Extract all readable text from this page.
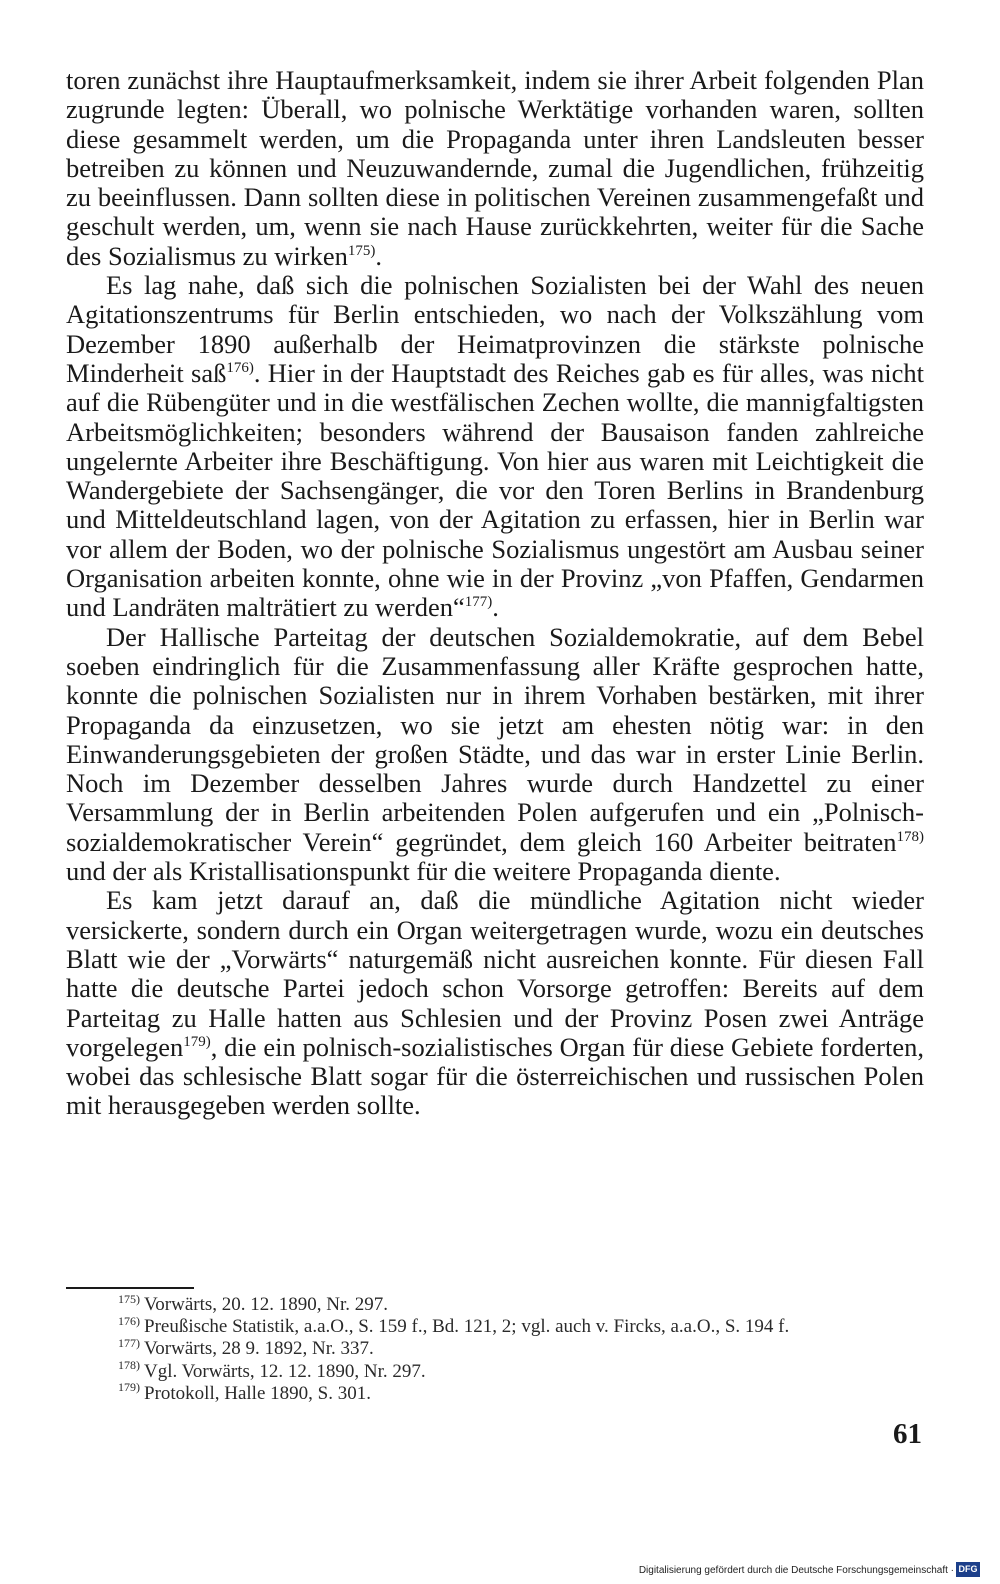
toren zunächst ihre Hauptaufmerksamkeit, indem sie ihrer Arbeit folgenden Plan zugrunde legten: Überall, wo polnische Werktätige vorhanden waren, sollten diese gesammelt werden, um die Propaganda unter ihren Landsleuten besser betreiben zu können und Neuzuwandernde, zumal die Jugendlichen, frühzeitig zu beeinflussen. Dann sollten diese in politischen Vereinen zusammengefaßt und geschult werden, um, wenn sie nach Hause zurückkehrten, weiter für die Sache des Sozialismus zu wirken$^{175)}$.

Es lag nahe, daß sich die polnischen Sozialisten bei der Wahl des neuen Agitationszentrums für Berlin entschieden, wo nach der Volkszählung vom Dezember 1890 außerhalb der Heimatprovinzen die stärkste polnische Minderheit saß$^{176)}$. Hier in der Hauptstadt des Reiches gab es für alles, was nicht auf die Rübengüter und in die westfälischen Zechen wollte, die mannigfaltigsten Arbeitsmöglichkeiten; besonders während der Bausaison fanden zahlreiche ungelernte Arbeiter ihre Beschäftigung. Von hier aus waren mit Leichtigkeit die Wandergebiete der Sachsengänger, die vor den Toren Berlins in Brandenburg und Mitteldeutschland lagen, von der Agitation zu erfassen, hier in Berlin war vor allem der Boden, wo der polnische Sozialismus ungestört am Ausbau seiner Organisation arbeiten konnte, ohne wie in der Provinz „von Pfaffen, Gendarmen und Landräten malträtiert zu werden“$^{177)}$.

Der Hallische Parteitag der deutschen Sozialdemokratie, auf dem Bebel soeben eindringlich für die Zusammenfassung aller Kräfte gesprochen hatte, konnte die polnischen Sozialisten nur in ihrem Vorhaben bestärken, mit ihrer Propaganda da einzusetzen, wo sie jetzt am ehesten nötig war: in den Einwanderungsgebieten der großen Städte, und das war in erster Linie Berlin. Noch im Dezember desselben Jahres wurde durch Handzettel zu einer Versammlung der in Berlin arbeitenden Polen aufgerufen und ein „Polnisch-sozialdemokratischer Verein“ gegründet, dem gleich 160 Arbeiter beitraten$^{178)}$ und der als Kristallisationspunkt für die weitere Propaganda diente.

Es kam jetzt darauf an, daß die mündliche Agitation nicht wieder versickerte, sondern durch ein Organ weitergetragen wurde, wozu ein deutsches Blatt wie der „Vorwärts“ naturgemäß nicht ausreichen konnte. Für diesen Fall hatte die deutsche Partei jedoch schon Vorsorge getroffen: Bereits auf dem Parteitag zu Halle hatten aus Schlesien und der Provinz Posen zwei Anträge vorgelegen$^{179)}$, die ein polnisch-sozialistisches Organ für diese Gebiete forderten, wobei das schlesische Blatt sogar für die österreichischen und russischen Polen mit herausgegeben werden sollte.

$^{175)}$ Vorwärts, 20. 12. 1890, Nr. 297.

$^{176)}$ Preußische Statistik, a.a.O., S. 159 f., Bd. 121, 2; vgl. auch v. Fircks, a.a.O., S. 194 f.

$^{177)}$ Vorwärts, 28 9. 1892, Nr. 337.

$^{178)}$ Vgl. Vorwärts, 12. 12. 1890, Nr. 297.

$^{179)}$ Protokoll, Halle 1890, S. 301.

61
Digitalisierung gefördert durch die Deutsche Forschungsgemeinschaft · DFG
